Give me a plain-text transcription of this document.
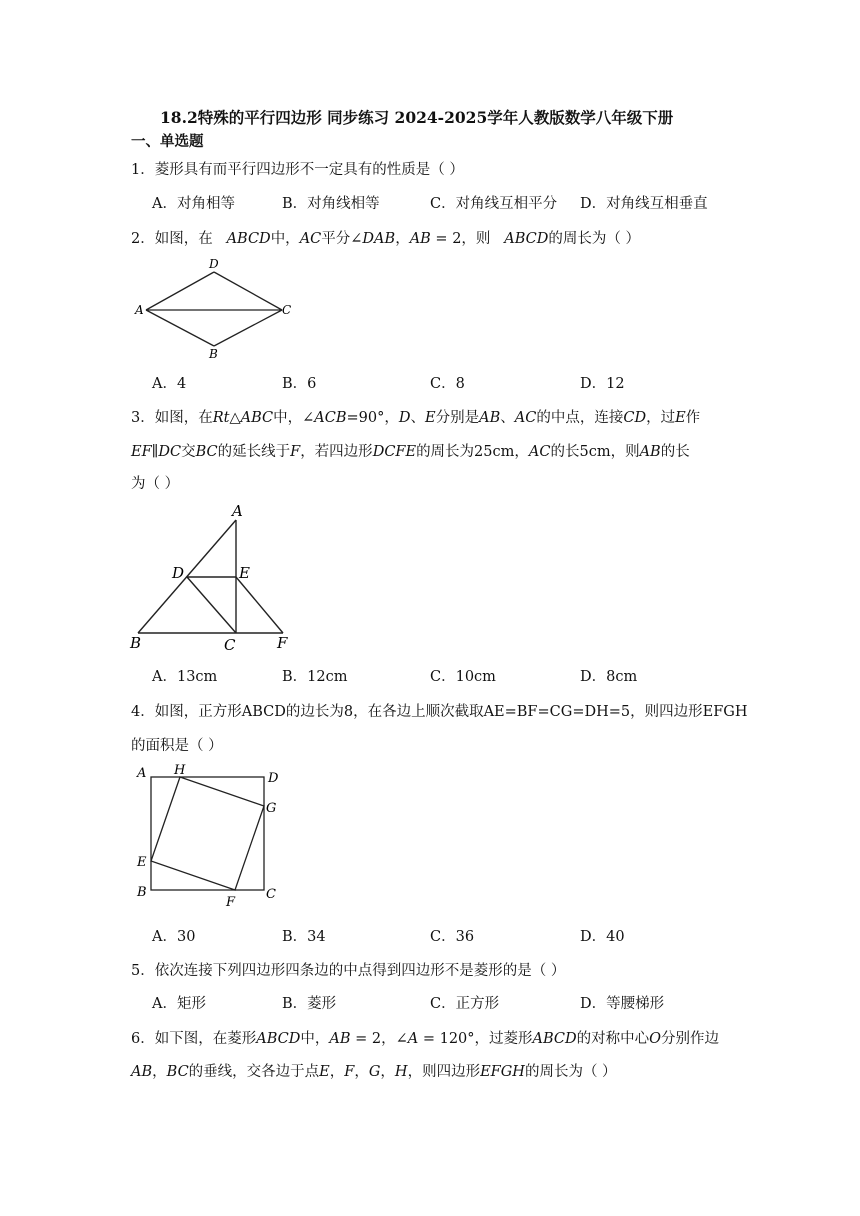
18.2特殊的平行四边形 同步练习 2024-2025学年人教版数学八年级下册
一、单选题
1．菱形具有而平行四边形不一定具有的性质是（ ）
A．对角相等	B．对角线相等	C．对角线互相平分 D．对角线互相垂直
2．如图，在 ABCD中，AC平分∠DAB，AB = 2，则 ABCD的周长为（ ）
D
A	C
B
A．4	B．6	C．8	D．12
3．如图，在Rt△ABC中，∠ACB=90°，D、E分别是AB、AC的中点，连接CD，过E作
EF∥DC交BC的延长线于F，若四边形DCFE的周长为25cm，AC的长5cm，则AB的长
为（ ）
A
D	E
B	C	F
A．13cm	B．12cm	C．10cm	D．8cm
4．如图，正方形ABCD的边长为8，在各边上顺次截取AE=BF=CG=DH=5，则四边形EFGH
的面积是（ ）
A H
D
G
E
B
F
C
A．30	B．34	C．36	D．40
5．依次连接下列四边形四条边的中点得到四边形不是菱形的是（ ）
A．矩形	B．菱形	C．正方形	D．等腰梯形
6．如下图，在菱形ABCD中，AB = 2，∠A = 120°，过菱形ABCD的对称中心O分别作边
AB，BC的垂线，交各边于点E，F，G，H，则四边形EFGH的周长为（ ）
